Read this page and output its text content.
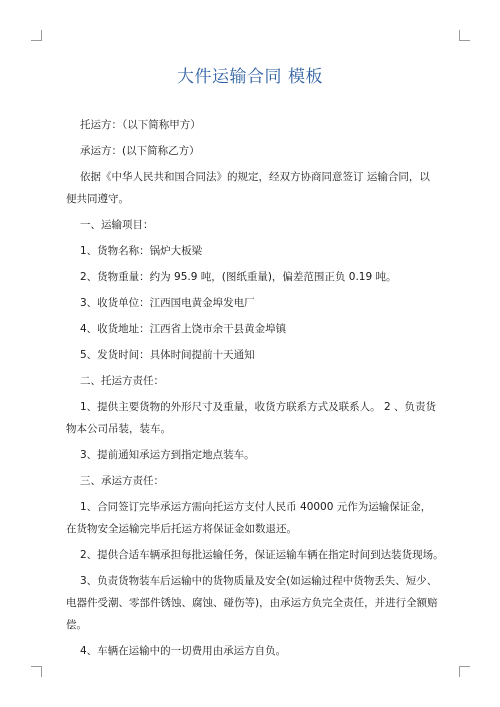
大件运输合同 模板

托运方：（以下简称甲方）

承运方：(以下简称乙方）

依据《中华人民共和国合同法》的规定，经双方协商同意签订 运输合同，以便共同遵守。

一、运输项目：

1、货物名称：锅炉大板梁

2、货物重量：约为 95.9 吨，(图纸重量)，偏差范围正负 0.19 吨。

3、收货单位：江西国电黄金埠发电厂

4、收货地址：江西省上饶市余干县黄金埠镇

5、发货时间：具体时间提前十天通知

二、托运方责任：

1、提供主要货物的外形尺寸及重量，收货方联系方式及联系人。 2 、负责货物本公司吊装，装车。

3、提前通知承运方到指定地点装车。

三、承运方责任：

1、合同签订完毕承运方需向托运方支付人民币 40000 元作为运输保证金，在货物安全运输完毕后托运方将保证金如数退还。

2、提供合适车辆承担每批运输任务，保证运输车辆在指定时间到达装货现场。

3、负责货物装车后运输中的货物质量及安全(如运输过程中货物丢失、短少、电器件受潮、零部件锈蚀、腐蚀、碰伤等)，由承运方负完全责任，并进行全额赔偿。

4、车辆在运输中的一切费用由承运方自负。
